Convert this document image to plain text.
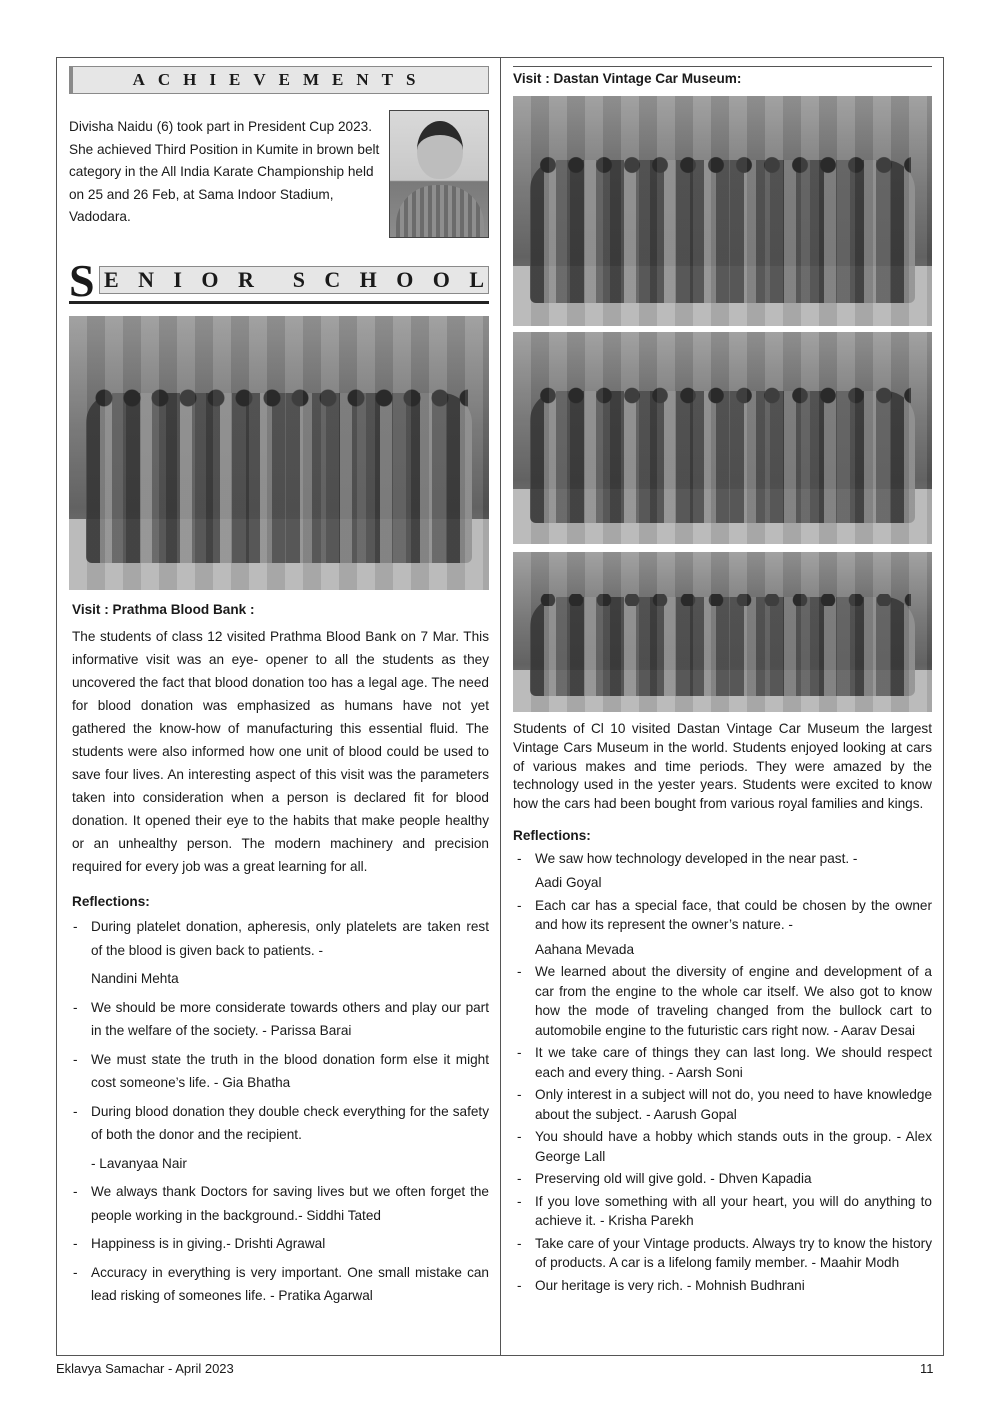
ACHIEVEMENTS

Divisha Naidu (6) took part in President Cup 2023. She achieved Third Position in Kumite in brown belt category in the All India Karate Championship held on 25 and 26 Feb, at Sama Indoor Stadium, Vadodara.

S E N I O R S C H O O L

Visit : Prathma Blood Bank :

The students of class 12 visited Prathma Blood Bank on 7 Mar. This informative visit was an eye- opener to all the students as they uncovered the fact that blood donation too has a legal age. The need for blood donation was emphasized as humans have not yet gathered the know-how of manufacturing this essential fluid. The students were also informed how one unit of blood could be used to save four lives. An interesting aspect of this visit was the parameters taken into consideration when a person is declared fit for blood donation. It opened their eye to the habits that make people healthy or an unhealthy person. The modern machinery and precision required for every job was a great learning for all.

Reflections:

- During platelet donation, apheresis, only platelets are taken rest of the blood is given back to patients. -
Nandini Mehta
- We should be more considerate towards others and play our part in the welfare of the society. - Parissa Barai
- We must state the truth in the blood donation form else it might cost someone’s life. - Gia Bhatha
- During blood donation they double check everything for the safety of both the donor and the recipient.
- Lavanyaa Nair
- We always thank Doctors for saving lives but we often forget the people working in the background.- Siddhi Tated
- Happiness is in giving.- Drishti Agrawal
- Accuracy in everything is very important. One small mistake can lead risking of someones life. - Pratika Agarwal

Visit : Dastan Vintage Car Museum:

Students of Cl 10 visited Dastan Vintage Car Museum the largest Vintage Cars Museum in the world. Students enjoyed looking at cars of various makes and time periods. They were amazed by the technology used in the yester years. Students were excited to know how the cars had been bought from various royal families and kings.

Reflections:

- We saw how technology developed in the near past. -
Aadi Goyal
- Each car has a special face, that could be chosen by the owner and how its represent the owner’s nature. -
Aahana Mevada
- We learned about the diversity of engine and development of a car from the engine to the whole car itself. We also got to know how the mode of traveling changed from the bullock cart to automobile engine to the futuristic cars right now. - Aarav Desai
- It we take care of things they can last long. We should respect each and every thing. - Aarsh Soni
- Only interest in a subject will not do, you need to have knowledge about the subject. - Aarush Gopal
- You should have a hobby which stands outs in the group. - Alex George Lall
- Preserving old will give gold. - Dhven Kapadia
- If you love something with all your heart, you will do anything to achieve it. - Krisha Parekh
- Take care of your Vintage products. Always try to know the history of products. A car is a lifelong family member. - Maahir Modh
- Our heritage is very rich. - Mohnish Budhrani
Eklavya Samachar - April 2023	11
